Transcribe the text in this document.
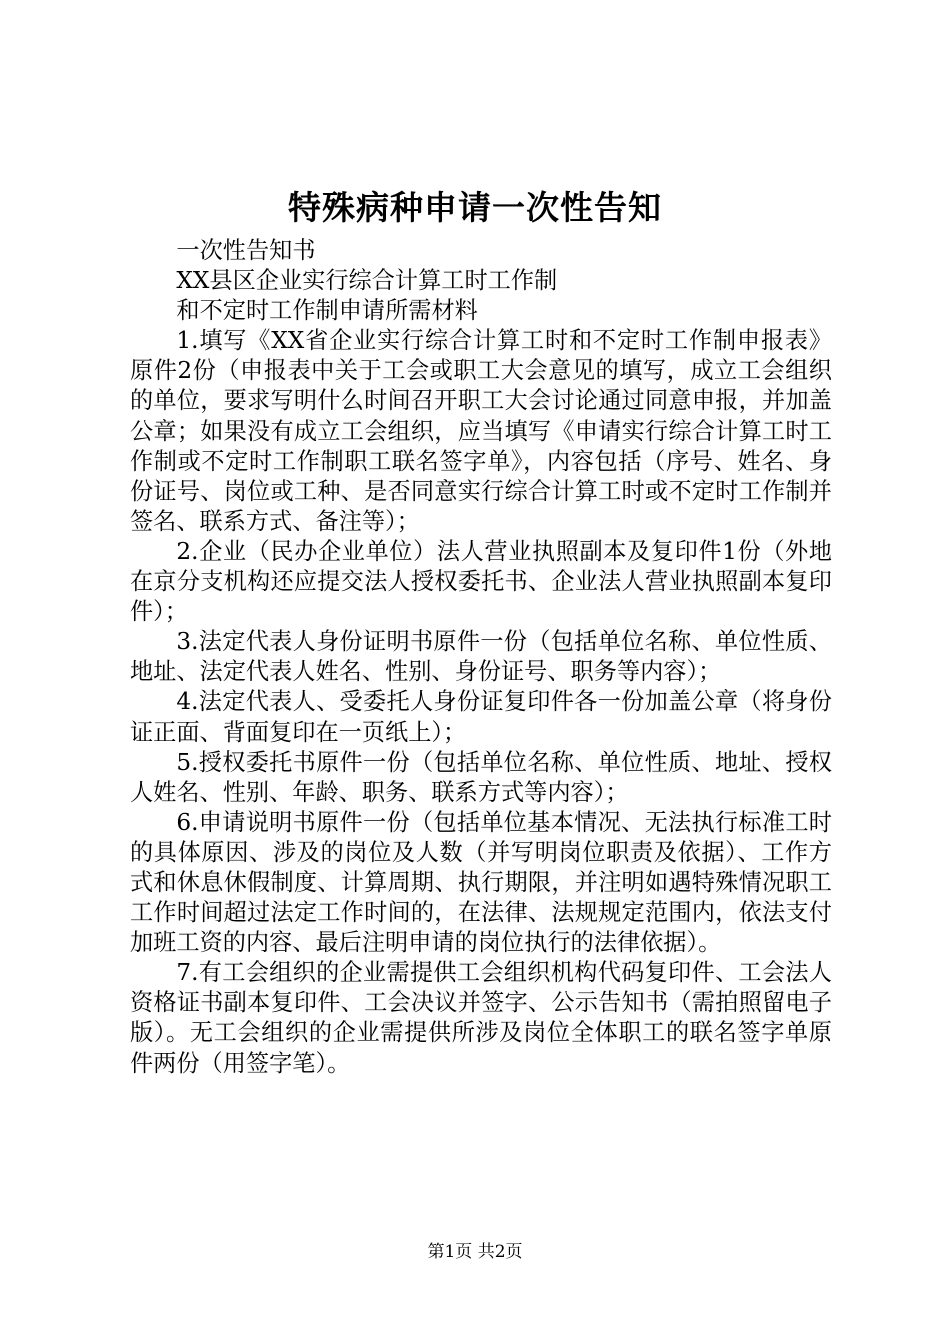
特殊病种申请一次性告知

一次性告知书

XX县区企业实行综合计算工时工作制

和不定时工作制申请所需材料

1.填写《XX省企业实行综合计算工时和不定时工作制申报表》原件2份（申报表中关于工会或职工大会意见的填写，成立工会组织的单位，要求写明什么时间召开职工大会讨论通过同意申报，并加盖公章；如果没有成立工会组织，应当填写《申请实行综合计算工时工作制或不定时工作制职工联名签字单》，内容包括（序号、姓名、身份证号、岗位或工种、是否同意实行综合计算工时或不定时工作制并签名、联系方式、备注等）；

2.企业（民办企业单位）法人营业执照副本及复印件1份（外地在京分支机构还应提交法人授权委托书、企业法人营业执照副本复印件）；

3.法定代表人身份证明书原件一份（包括单位名称、单位性质、地址、法定代表人姓名、性别、身份证号、职务等内容）；

4.法定代表人、受委托人身份证复印件各一份加盖公章（将身份证正面、背面复印在一页纸上）；

5.授权委托书原件一份（包括单位名称、单位性质、地址、授权人姓名、性别、年龄、职务、联系方式等内容）；

6.申请说明书原件一份（包括单位基本情况、无法执行标准工时的具体原因、涉及的岗位及人数（并写明岗位职责及依据）、工作方式和休息休假制度、计算周期、执行期限，并注明如遇特殊情况职工工作时间超过法定工作时间的，在法律、法规规定范围内，依法支付加班工资的内容、最后注明申请的岗位执行的法律依据）。

7.有工会组织的企业需提供工会组织机构代码复印件、工会法人资格证书副本复印件、工会决议并签字、公示告知书（需拍照留电子版）。无工会组织的企业需提供所涉及岗位全体职工的联名签字单原件两份（用签字笔）。

第1页 共2页
